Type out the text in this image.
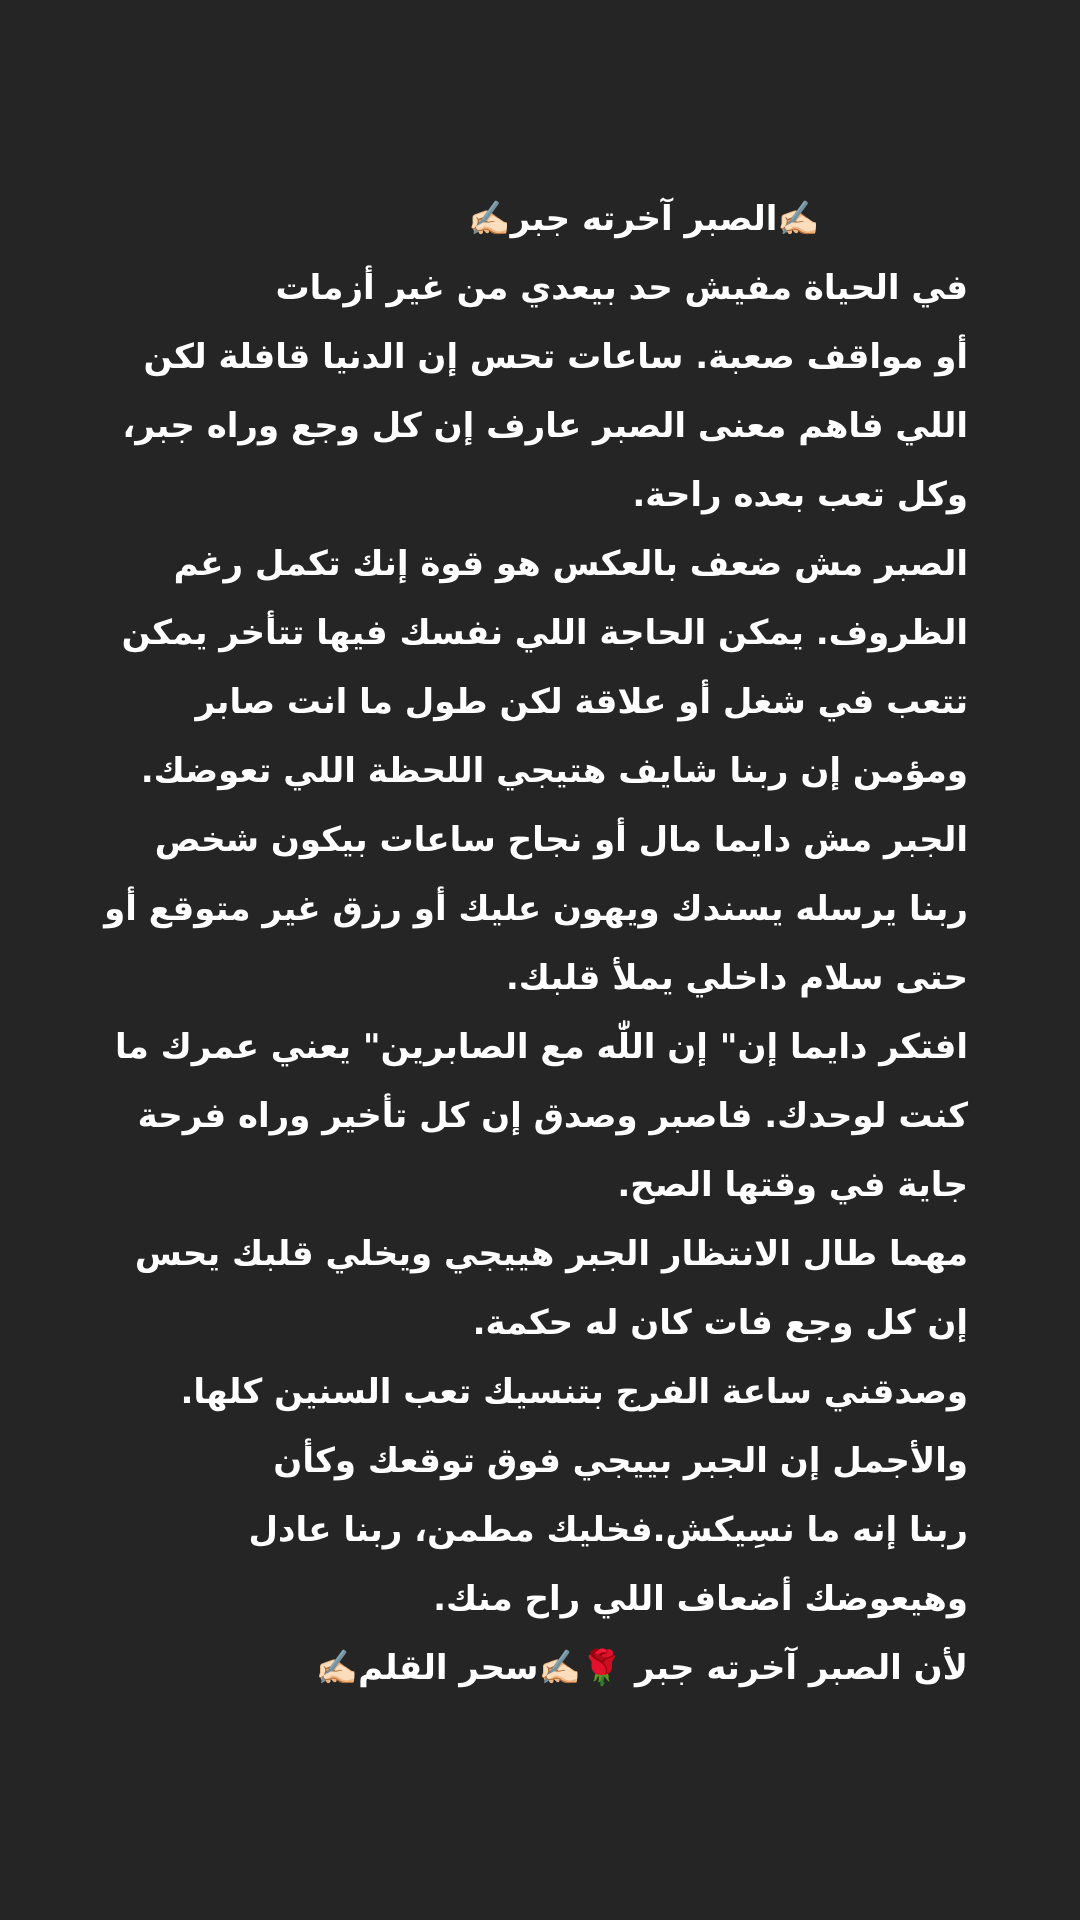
✍🏻الصبر آخرته جبر✍🏻
في الحياة مفيش حد بيعدي من غير أزمات
أو مواقف صعبة. ساعات تحس إن الدنيا قافلة لكن
اللي فاهم معنى الصبر عارف إن كل وجع وراه جبر،
وكل تعب بعده راحة.
الصبر مش ضعف بالعكس هو قوة إنك تكمل رغم
الظروف. يمكن الحاجة اللي نفسك فيها تتأخر يمكن
تتعب في شغل أو علاقة لكن طول ما انت صابر
ومؤمن إن ربنا شايف هتيجي اللحظة اللي تعوضك.
الجبر مش دايما مال أو نجاح ساعات بيكون شخص
ربنا يرسله يسندك ويهون عليك أو رزق غير متوقع أو
حتى سلام داخلي يملأ قلبك.
افتكر دايما إن" إن اللّٰه مع الصابرين" يعني عمرك ما
كنت لوحدك. فاصبر وصدق إن كل تأخير وراه فرحة
جاية في وقتها الصح.
مهما طال الانتظار الجبر هييجي ويخلي قلبك يحس
إن كل وجع فات كان له حكمة.
وصدقني ساعة الفرج بتنسيك تعب السنين كلها.
والأجمل إن الجبر بييجي فوق توقعك وكأن
ربنا إنه ما نسِيكش.فخليك مطمن، ربنا عادل
وهيعوضك أضعاف اللي راح منك.
لأن الصبر آخرته جبر 🌹✍🏻سحر القلم✍🏻
